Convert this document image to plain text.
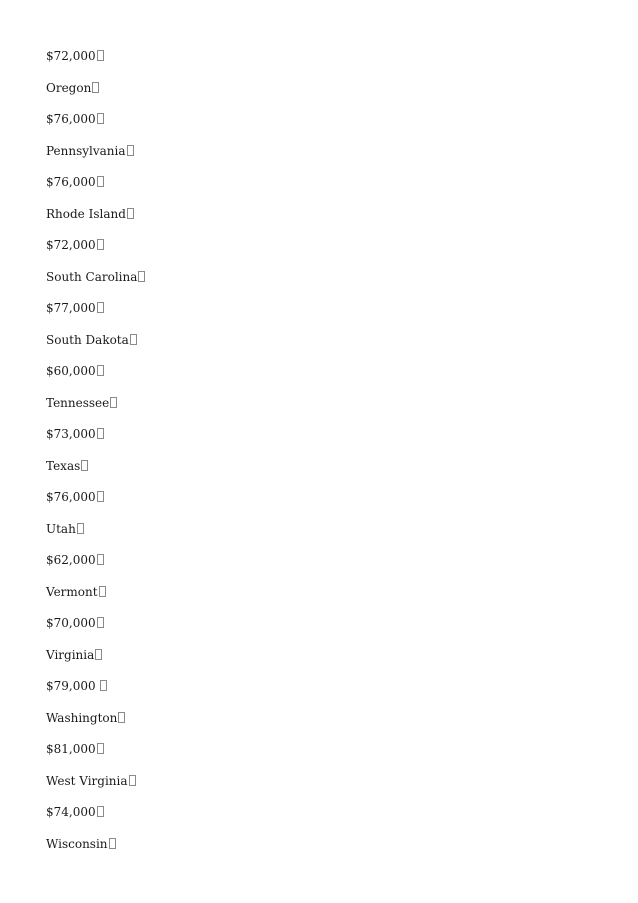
$72,000
Oregon
$76,000
Pennsylvania
$76,000
Rhode Island
$72,000
South Carolina
$77,000
South Dakota
$60,000
Tennessee
$73,000
Texas
$76,000
Utah
$62,000
Vermont
$70,000
Virginia
$79,000
Washington
$81,000
West Virginia
$74,000
Wisconsin
